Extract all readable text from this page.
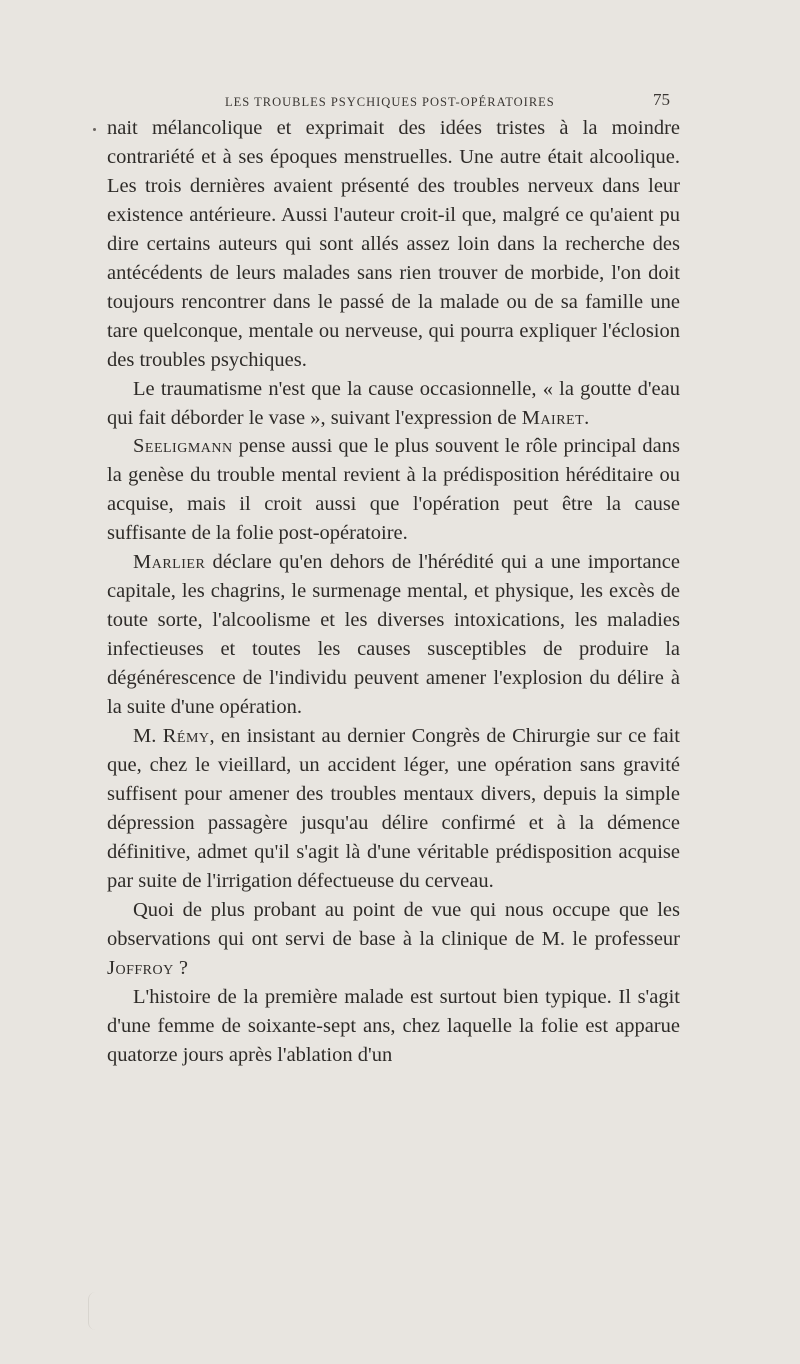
LES TROUBLES PSYCHIQUES POST-OPÉRATOIRES	75

nait mélancolique et exprimait des idées tristes à la moindre contrariété et à ses époques menstruelles. Une autre était alcoolique. Les trois dernières avaient présenté des troubles nerveux dans leur existence antérieure. Aussi l'auteur croit-il que, malgré ce qu'aient pu dire certains auteurs qui sont allés assez loin dans la recherche des antécédents de leurs malades sans rien trouver de morbide, l'on doit toujours rencontrer dans le passé de la malade ou de sa famille une tare quelconque, mentale ou nerveuse, qui pourra expliquer l'éclosion des troubles psychiques.

Le traumatisme n'est que la cause occasionnelle, « la goutte d'eau qui fait déborder le vase », suivant l'expression de Mairet.

Seeligmann pense aussi que le plus souvent le rôle principal dans la genèse du trouble mental revient à la prédisposition héréditaire ou acquise, mais il croit aussi que l'opération peut être la cause suffisante de la folie post-opératoire.

Marlier déclare qu'en dehors de l'hérédité qui a une importance capitale, les chagrins, le surmenage mental, et physique, les excès de toute sorte, l'alcoolisme et les diverses intoxications, les maladies infectieuses et toutes les causes susceptibles de produire la dégénérescence de l'individu peuvent amener l'explosion du délire à la suite d'une opération.

M. Rémy, en insistant au dernier Congrès de Chirurgie sur ce fait que, chez le vieillard, un accident léger, une opération sans gravité suffisent pour amener des troubles mentaux divers, depuis la simple dépression passagère jusqu'au délire confirmé et à la démence définitive, admet qu'il s'agit là d'une véritable prédisposition acquise par suite de l'irrigation défectueuse du cerveau.

Quoi de plus probant au point de vue qui nous occupe que les observations qui ont servi de base à la clinique de M. le professeur Joffroy ?

L'histoire de la première malade est surtout bien typique. Il s'agit d'une femme de soixante-sept ans, chez laquelle la folie est apparue quatorze jours après l'ablation d'un
